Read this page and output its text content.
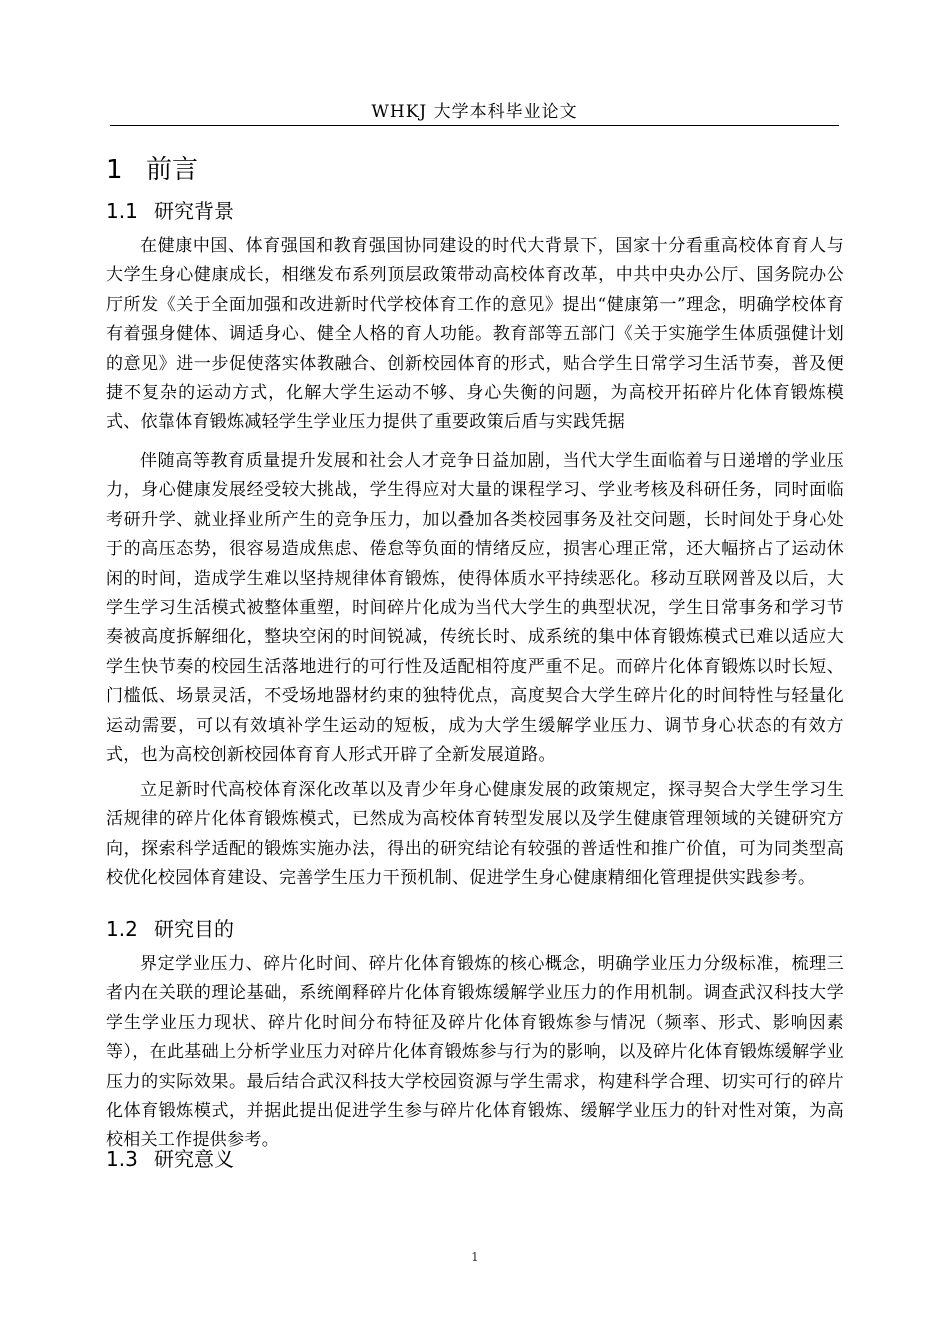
WHKJ 大学本科毕业论文
1 前言
1.1 研究背景

在健康中国、体育强国和教育强国协同建设的时代大背景下，国家十分看重高校体育育人与大学生身心健康成长，相继发布系列顶层政策带动高校体育改革，中共中央办公厅、国务院办公厅所发《关于全面加强和改进新时代学校体育工作的意见》提出“健康第一”理念，明确学校体育有着强身健体、调适身心、健全人格的育人功能。教育部等五部门《关于实施学生体质强健计划的意见》进一步促使落实体教融合、创新校园体育的形式，贴合学生日常学习生活节奏，普及便捷不复杂的运动方式，化解大学生运动不够、身心失衡的问题，为高校开拓碎片化体育锻炼模式、依靠体育锻炼减轻学生学业压力提供了重要政策后盾与实践凭据

伴随高等教育质量提升发展和社会人才竞争日益加剧，当代大学生面临着与日递增的学业压力，身心健康发展经受较大挑战，学生得应对大量的课程学习、学业考核及科研任务，同时面临考研升学、就业择业所产生的竞争压力，加以叠加各类校园事务及社交问题，长时间处于身心处于的高压态势，很容易造成焦虑、倦怠等负面的情绪反应，损害心理正常，还大幅挤占了运动休闲的时间，造成学生难以坚持规律体育锻炼，使得体质水平持续恶化。移动互联网普及以后，大学生学习生活模式被整体重塑，时间碎片化成为当代大学生的典型状况，学生日常事务和学习节奏被高度拆解细化，整块空闲的时间锐减，传统长时、成系统的集中体育锻炼模式已难以适应大学生快节奏的校园生活落地进行的可行性及适配相符度严重不足。而碎片化体育锻炼以时长短、门槛低、场景灵活，不受场地器材约束的独特优点，高度契合大学生碎片化的时间特性与轻量化运动需要，可以有效填补学生运动的短板，成为大学生缓解学业压力、调节身心状态的有效方式，也为高校创新校园体育育人形式开辟了全新发展道路。

立足新时代高校体育深化改革以及青少年身心健康发展的政策规定，探寻契合大学生学习生活规律的碎片化体育锻炼模式，已然成为高校体育转型发展以及学生健康管理领域的关键研究方向，探索科学适配的锻炼实施办法，得出的研究结论有较强的普适性和推广价值，可为同类型高校优化校园体育建设、完善学生压力干预机制、促进学生身心健康精细化管理提供实践参考。

1.2 研究目的

界定学业压力、碎片化时间、碎片化体育锻炼的核心概念，明确学业压力分级标准，梳理三者内在关联的理论基础，系统阐释碎片化体育锻炼缓解学业压力的作用机制。调查武汉科技大学学生学业压力现状、碎片化时间分布特征及碎片化体育锻炼参与情况（频率、形式、影响因素等），在此基础上分析学业压力对碎片化体育锻炼参与行为的影响，以及碎片化体育锻炼缓解学业压力的实际效果。最后结合武汉科技大学校园资源与学生需求，构建科学合理、切实可行的碎片化体育锻炼模式，并据此提出促进学生参与碎片化体育锻炼、缓解学业压力的针对性对策，为高校相关工作提供参考。

1.3 研究意义
1
